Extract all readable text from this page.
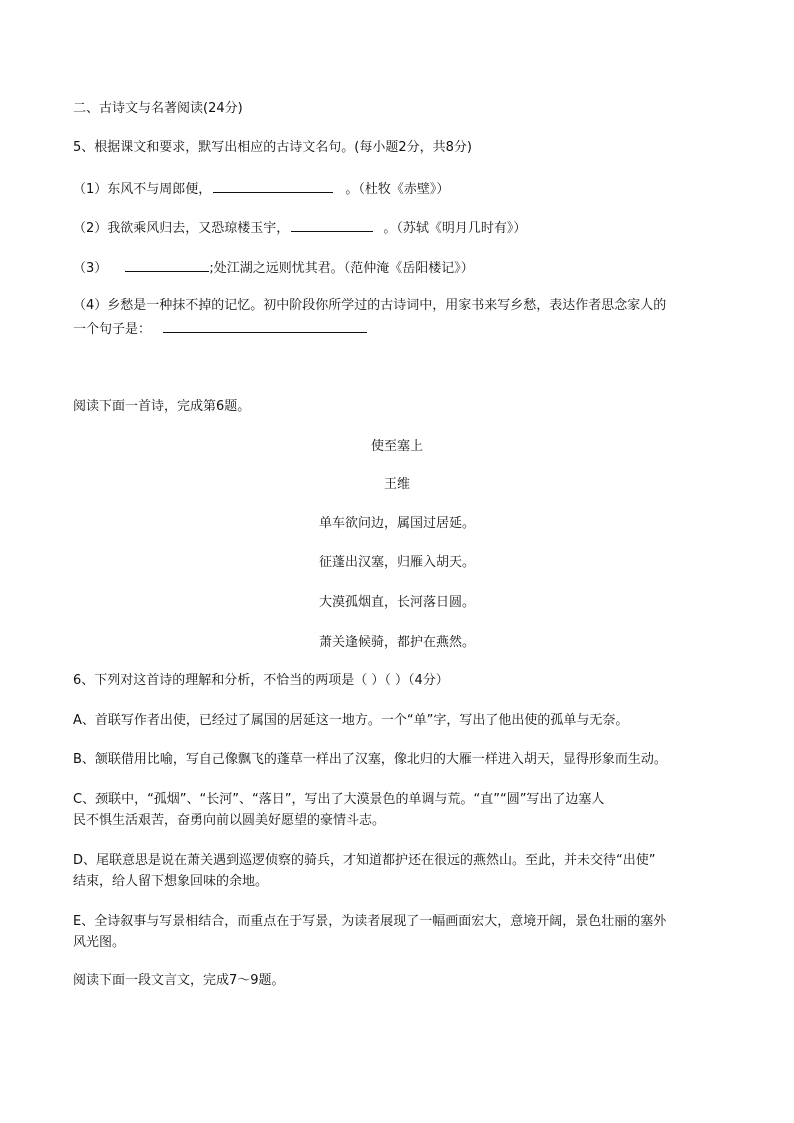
二、古诗文与名著阅读(24分)
5、根据课文和要求，默写出相应的古诗文名句。(每小题2分，共8分)
（1）东风不与周郎便，	。（杜牧《赤壁》）
（2）我欲乘风归去，又恐琼楼玉宇，	。（苏轼《明月几时有》）
（3）	;处江湖之远则忧其君。（范仲淹《岳阳楼记》）
（4）乡愁是一种抹不掉的记忆。初中阶段你所学过的古诗词中，用家书来写乡愁，表达作者思念家人的
一个句子是：
阅读下面一首诗，完成第6题。
使至塞上
王维
单车欲问边，属国过居延。
征蓬出汉塞，归雁入胡天。
大漠孤烟直，长河落日圆。
萧关逢候骑，都护在燕然。
6、下列对这首诗的理解和分析，不恰当的两项是（ ）（ ）（4分）
A、首联写作者出使，已经过了属国的居延这一地方。一个“单”字，写出了他出使的孤单与无奈。
B、颔联借用比喻，写自己像飘飞的蓬草一样出了汉塞，像北归的大雁一样进入胡天，显得形象而生动。
C、颈联中，“孤烟”、“长河”、“落日”，写出了大漠景色的单调与荒。“直”“圆”写出了边塞人
民不惧生活艰苦，奋勇向前以圆美好愿望的豪情斗志。
D、尾联意思是说在萧关遇到巡逻侦察的骑兵，才知道都护还在很远的燕然山。至此，并未交待“出使”
结束，给人留下想象回味的余地。
E、全诗叙事与写景相结合，而重点在于写景，为读者展现了一幅画面宏大，意境开阔，景色壮丽的塞外
风光图。
阅读下面一段文言文，完成7～9题。
